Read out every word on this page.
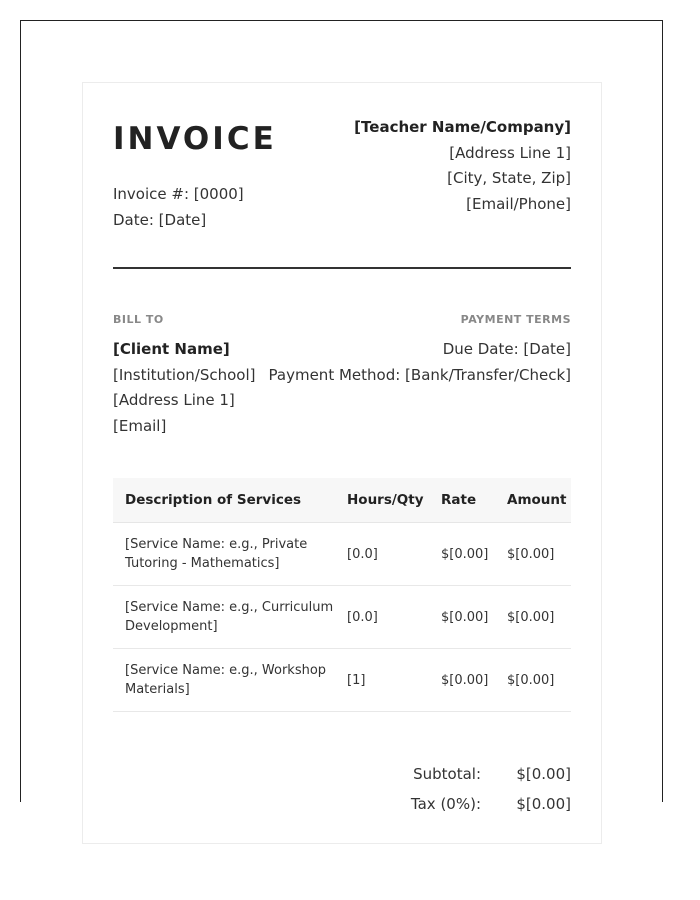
INVOICE
Invoice #: [0000]
Date: [Date]
[Teacher Name/Company]
[Address Line 1]
[City, State, Zip]
[Email/Phone]
BILL TO
[Client Name]
[Institution/School]
[Address Line 1]
[Email]
PAYMENT TERMS
Due Date: [Date]
Payment Method: [Bank/Transfer/Check]
Description of Services	Hours/Qty	Rate	Amount

[Service Name: e.g., Private
Tutoring - Mathematics]	[0.0]	$[0.00]	$[0.00]

[Service Name: e.g., Curriculum
Development]	[0.0]	$[0.00]	$[0.00]

[Service Name: e.g., Workshop
Materials]	[1]	$[0.00]	$[0.00]
Subtotal:	$[0.00]
Tax (0%):	$[0.00]
